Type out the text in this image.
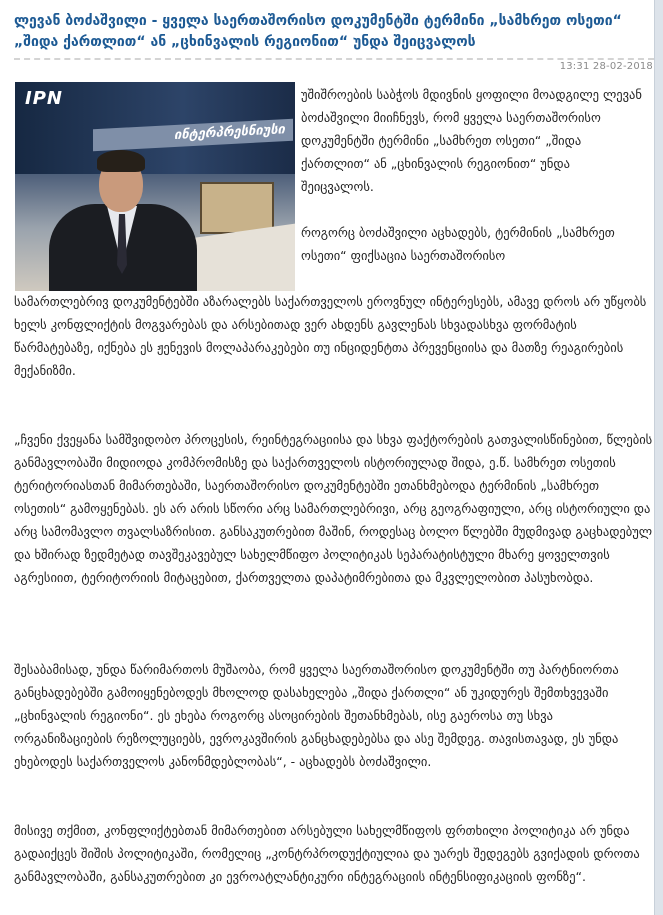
ლევან ბოძაშვილი - ყველა საერთაშორისო დოკუმენტში ტერმინი „სამხრეთ ოსეთი“ „შიდა ქართლით“ ან „ცხინვალის რეგიონით“ უნდა შეიცვალოს
13:31 28-02-2018
IPN
ინტერპრესნიუსი

უშიშროების საბჭოს მდივნის ყოფილი მოადგილე ლევან ბოძაშვილი მიიჩნევს, რომ ყველა საერთაშორისო დოკუმენტში ტერმინი „სამხრეთ ოსეთი“ „შიდა ქართლით“ ან „ცხინვალის რეგიონით“ უნდა შეიცვალოს.

როგორც ბოძაშვილი აცხადებს, ტერმინის „სამხრეთ ოსეთი“ ფიქსაცია საერთაშორისო

სამართლებრივ დოკუმენტებში აზარალებს საქართველოს ეროვნულ ინტერესებს, ამავე დროს არ უწყობს ხელს კონფლიქტის მოგვარებას და არსებითად ვერ ახდენს გავლენას სხვადასხვა ფორმატის წარმატებაზე, იქნება ეს ჟენევის მოლაპარაკებები თუ ინციდენტთა პრევენციისა და მათზე რეაგირების მექანიზმი.

„ჩვენი ქვეყანა სამშვიდობო პროცესის, რეინტეგრაციისა და სხვა ფაქტორების გათვალისწინებით, წლების განმავლობაში მიდიოდა კომპრომისზე და საქართველოს ისტორიულად შიდა, ე.წ. სამხრეთ ოსეთის ტერიტორიასთან მიმართებაში, საერთაშორისო დოკუმენტებში ეთანხმებოდა ტერმინის „სამხრეთ ოსეთის“ გამოყენებას. ეს არ არის სწორი არც სამართლებრივი, არც გეოგრაფიული, არც ისტორიული და არც სამომავლო თვალსაზრისით. განსაკუთრებით მაშინ, როდესაც ბოლო წლებში მუდმივად გაცხადებულ და ხშირად ზედმეტად თავშეკავებულ სახელმწიფო პოლიტიკას სეპარატისტული მხარე ყოველთვის აგრესიით, ტერიტორიის მიტაცებით, ქართველთა დაპატიმრებითა და მკვლელობით პასუხობდა.

შესაბამისად, უნდა წარიმართოს მუშაობა, რომ ყველა საერთაშორისო დოკუმენტში თუ პარტნიორთა განცხადებებში გამოიყენებოდეს მხოლოდ დასახელება „შიდა ქართლი“ ან უკიდურეს შემთხვევაში „ცხინვალის რეგიონი“. ეს ეხება როგორც ასოცირების შეთანხმებას, ისე გაეროსა თუ სხვა ორგანიზაციების რეზოლუციებს, ევროკავშირის განცხადებებსა და ასე შემდეგ. თავისთავად, ეს უნდა ეხებოდეს საქართველოს კანონმდებლობას“, - აცხადებს ბოძაშვილი.

მისივე თქმით, კონფლიქტებთან მიმართებით არსებული სახელმწიფოს ფრთხილი პოლიტიკა არ უნდა გადაიქცეს შიშის პოლიტიკაში, რომელიც „კონტრპროდუქტიულია და უარეს შედეგებს გვიქადის დროთა განმავლობაში, განსაკუთრებით კი ევროატლანტიკური ინტეგრაციის ინტენსიფიკაციის ფონზე“.
